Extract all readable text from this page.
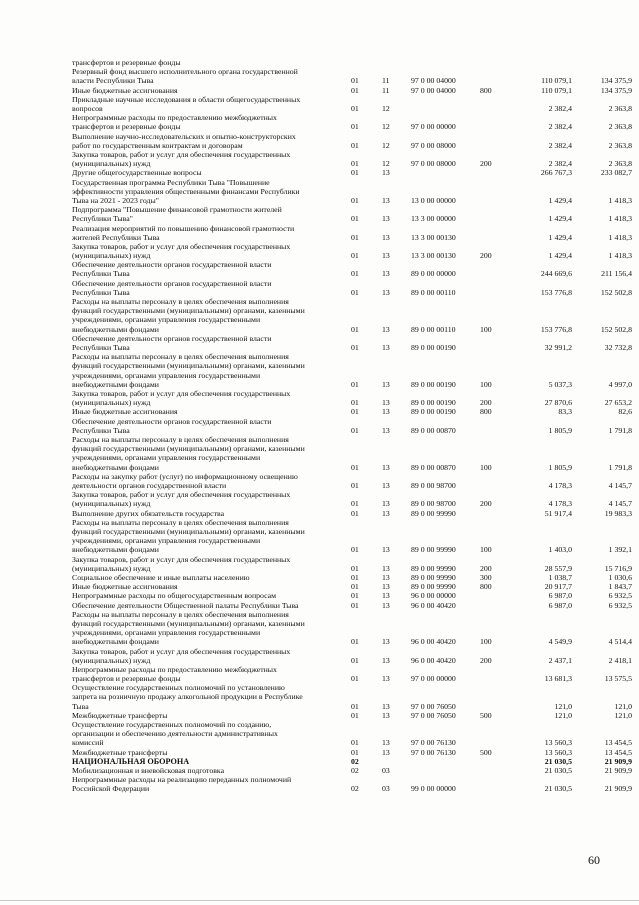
трансфертов и резервные фонды
Резервный фонд высшего исполнительного органа государственной
власти Республики Тыва	01	11	97 0 00 04000	110 079,1	134 375,9
Иные бюджетные ассигнования	01	11	97 0 00 04000	800	110 079,1	134 375,9
Прикладные научные исследования в области общегосударственных
вопросов	01	12	2 382,4	2 363,8
Непрограммные расходы по предоставлению межбюджетных
трансфертов и резервные фонды	01	12	97 0 00 00000	2 382,4	2 363,8
Выполнение научно-исследовательских и опытно-конструкторских
работ по государственным контрактам и договорам	01	12	97 0 00 08000	2 382,4	2 363,8
Закупка товаров, работ и услуг для обеспечения государственных
(муниципальных) нужд	01	12	97 0 00 08000	200	2 382,4	2 363,8
Другие общегосударственные вопросы	01	13	266 767,3	233 082,7
Государственная программа Республики Тыва "Повышение
эффективности управления общественными финансами Республики
Тыва на 2021 - 2023 годы"	01	13	13 0 00 00000	1 429,4	1 418,3
Подпрограмма "Повышение финансовой грамотности жителей
Республики Тыва"	01	13	13 3 00 00000	1 429,4	1 418,3
Реализация мероприятий по повышению финансовой грамотности
жителей Республики Тыва	01	13	13 3 00 00130	1 429,4	1 418,3
Закупка товаров, работ и услуг для обеспечения государственных
(муниципальных) нужд	01	13	13 3 00 00130	200	1 429,4	1 418,3
Обеспечение деятельности органов государственной власти
Республики Тыва	01	13	89 0 00 00000	244 669,6	211 156,4
Обеспечение деятельности органов государственной власти
Республики Тыва	01	13	89 0 00 00110	153 776,8	152 502,8
Расходы на выплаты персоналу в целях обеспечения выполнения
функций государственными (муниципальными) органами, казенными
учреждениями, органами управления государственными
внебюджетными фондами	01	13	89 0 00 00110	100	153 776,8	152 502,8
Обеспечение деятельности органов государственной власти
Республики Тыва	01	13	89 0 00 00190	32 991,2	32 732,8
Расходы на выплаты персоналу в целях обеспечения выполнения
функций государственными (муниципальными) органами, казенными
учреждениями, органами управления государственными
внебюджетными фондами	01	13	89 0 00 00190	100	5 037,3	4 997,0
Закупка товаров, работ и услуг для обеспечения государственных
(муниципальных) нужд	01	13	89 0 00 00190	200	27 870,6	27 653,2
Иные бюджетные ассигнования	01	13	89 0 00 00190	800	83,3	82,6
Обеспечение деятельности органов государственной власти
Республики Тыва	01	13	89 0 00 00870	1 805,9	1 791,8
Расходы на выплаты персоналу в целях обеспечения выполнения
функций государственными (муниципальными) органами, казенными
учреждениями, органами управления государственными
внебюджетными фондами	01	13	89 0 00 00870	100	1 805,9	1 791,8
Расходы на закупку работ (услуг) по информационному освещению
деятельности органов государственной власти	01	13	89 0 00 98700	4 178,3	4 145,7
Закупка товаров, работ и услуг для обеспечения государственных
(муниципальных) нужд	01	13	89 0 00 98700	200	4 178,3	4 145,7
Выполнение других обязательств государства	01	13	89 0 00 99990	51 917,4	19 983,3
Расходы на выплаты персоналу в целях обеспечения выполнения
функций государственными (муниципальными) органами, казенными
учреждениями, органами управления государственными
внебюджетными фондами	01	13	89 0 00 99990	100	1 403,0	1 392,1
Закупка товаров, работ и услуг для обеспечения государственных
(муниципальных) нужд	01	13	89 0 00 99990	200	28 557,9	15 716,9
Социальное обеспечение и иные выплаты населению	01	13	89 0 00 99990	300	1 038,7	1 030,6
Иные бюджетные ассигнования	01	13	89 0 00 99990	800	20 917,7	1 843,7
Непрограммные расходы по общегосударственным вопросам	01	13	96 0 00 00000	6 987,0	6 932,5
Обеспечение деятельности Общественной палаты Республики Тыва	01	13	96 0 00 40420	6 987,0	6 932,5
Расходы на выплаты персоналу в целях обеспечения выполнения
функций государственными (муниципальными) органами, казенными
учреждениями, органами управления государственными
внебюджетными фондами	01	13	96 0 00 40420	100	4 549,9	4 514,4
Закупка товаров, работ и услуг для обеспечения государственных
(муниципальных) нужд	01	13	96 0 00 40420	200	2 437,1	2 418,1
Непрограммные расходы по предоставлению межбюджетных
трансфертов и резервные фонды	01	13	97 0 00 00000	13 681,3	13 575,5
Осуществление государственных полномочий по установлению
запрета на розничную продажу алкогольной продукции в Республике
Тыва	01	13	97 0 00 76050	121,0	121,0
Межбюджетные трансферты	01	13	97 0 00 76050	500	121,0	121,0
Осуществление государственных полномочий по созданию,
организации и обеспечению деятельности административных
комиссий	01	13	97 0 00 76130	13 560,3	13 454,5
Межбюджетные трансферты	01	13	97 0 00 76130	500	13 560,3	13 454,5
НАЦИОНАЛЬНАЯ ОБОРОНА	02	21 030,5	21 909,9
Мобилизационная и вневойсковая подготовка	02	03	21 030,5	21 909,9
Непрограммные расходы на реализацию переданных полномочий
Российской Федерации	02	03	99 0 00 00000	21 030,5	21 909,9
60
